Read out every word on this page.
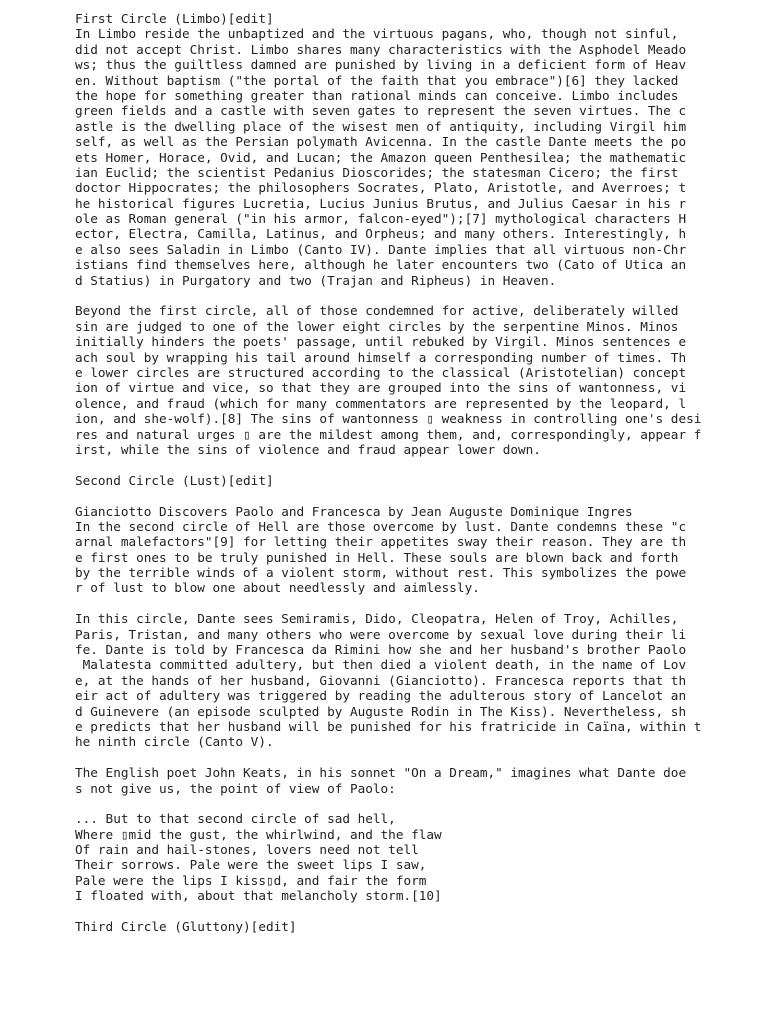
First Circle (Limbo)[edit]
In Limbo reside the unbaptized and the virtuous pagans, who, though not sinful,
did not accept Christ. Limbo shares many characteristics with the Asphodel Meado
ws; thus the guiltless damned are punished by living in a deficient form of Heav
en. Without baptism ("the portal of the faith that you embrace")[6] they lacked
the hope for something greater than rational minds can conceive. Limbo includes
green fields and a castle with seven gates to represent the seven virtues. The c
astle is the dwelling place of the wisest men of antiquity, including Virgil him
self, as well as the Persian polymath Avicenna. In the castle Dante meets the po
ets Homer, Horace, Ovid, and Lucan; the Amazon queen Penthesilea; the mathematic
ian Euclid; the scientist Pedanius Dioscorides; the statesman Cicero; the first
doctor Hippocrates; the philosophers Socrates, Plato, Aristotle, and Averroes; t
he historical figures Lucretia, Lucius Junius Brutus, and Julius Caesar in his r
ole as Roman general ("in his armor, falcon-eyed");[7] mythological characters H
ector, Electra, Camilla, Latinus, and Orpheus; and many others. Interestingly, h
e also sees Saladin in Limbo (Canto IV). Dante implies that all virtuous non-Chr
istians find themselves here, although he later encounters two (Cato of Utica an
d Statius) in Purgatory and two (Trajan and Ripheus) in Heaven.
Beyond the first circle, all of those condemned for active, deliberately willed
sin are judged to one of the lower eight circles by the serpentine Minos. Minos
initially hinders the poets' passage, until rebuked by Virgil. Minos sentences e
ach soul by wrapping his tail around himself a corresponding number of times. Th
e lower circles are structured according to the classical (Aristotelian) concept
ion of virtue and vice, so that they are grouped into the sins of wantonness, vi
olence, and fraud (which for many commentators are represented by the leopard, l
ion, and she-wolf).[8] The sins of wantonness ▯ weakness in controlling one's desi
res and natural urges ▯ are the mildest among them, and, correspondingly, appear f
irst, while the sins of violence and fraud appear lower down.
Second Circle (Lust)[edit]
Gianciotto Discovers Paolo and Francesca by Jean Auguste Dominique Ingres
In the second circle of Hell are those overcome by lust. Dante condemns these "c
arnal malefactors"[9] for letting their appetites sway their reason. They are th
e first ones to be truly punished in Hell. These souls are blown back and forth
by the terrible winds of a violent storm, without rest. This symbolizes the powe
r of lust to blow one about needlessly and aimlessly.
In this circle, Dante sees Semiramis, Dido, Cleopatra, Helen of Troy, Achilles,
Paris, Tristan, and many others who were overcome by sexual love during their li
fe. Dante is told by Francesca da Rimini how she and her husband's brother Paolo
Malatesta committed adultery, but then died a violent death, in the name of Lov
e, at the hands of her husband, Giovanni (Gianciotto). Francesca reports that th
eir act of adultery was triggered by reading the adulterous story of Lancelot an
d Guinevere (an episode sculpted by Auguste Rodin in The Kiss). Nevertheless, sh
e predicts that her husband will be punished for his fratricide in Caïna, within t
he ninth circle (Canto V).
The English poet John Keats, in his sonnet "On a Dream," imagines what Dante doe
s not give us, the point of view of Paolo:
... But to that second circle of sad hell,
Where ▯mid the gust, the whirlwind, and the flaw
Of rain and hail-stones, lovers need not tell
Their sorrows. Pale were the sweet lips I saw,
Pale were the lips I kiss▯d, and fair the form
I floated with, about that melancholy storm.[10]
Third Circle (Gluttony)[edit]
